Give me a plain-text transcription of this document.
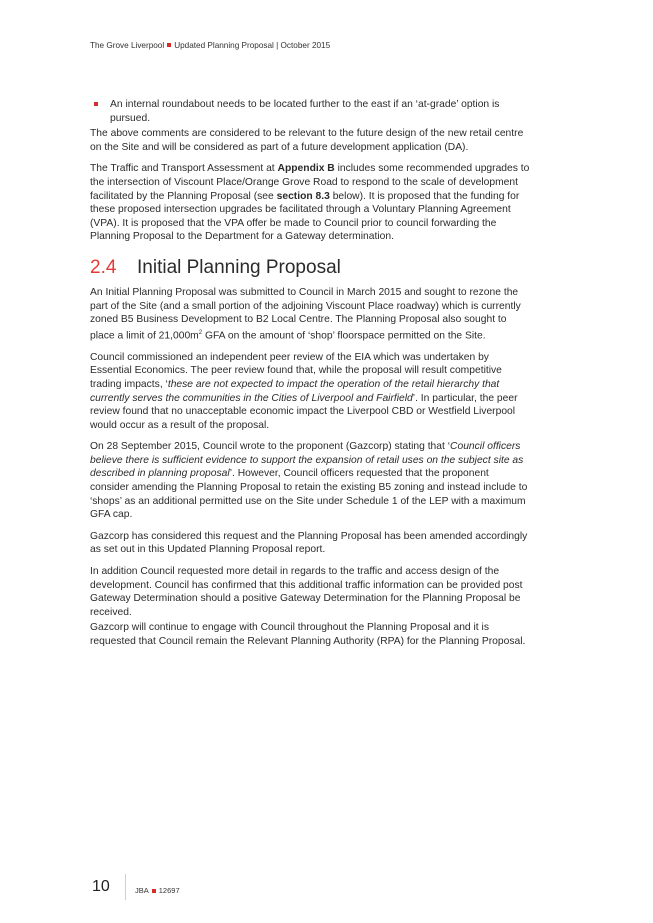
The Grove Liverpool Updated Planning Proposal | October 2015
An internal roundabout needs to be located further to the east if an ‘at-grade’ option is pursued.

The above comments are considered to be relevant to the future design of the new retail centre on the Site and will be considered as part of a future development application (DA).

The Traffic and Transport Assessment at Appendix B includes some recommended upgrades to the intersection of Viscount Place/Orange Grove Road to respond to the scale of development facilitated by the Planning Proposal (see section 8.3 below). It is proposed that the funding for these proposed intersection upgrades be facilitated through a Voluntary Planning Agreement (VPA). It is proposed that the VPA offer be made to Council prior to council forwarding the Planning Proposal to the Department for a Gateway determination.

2.4 Initial Planning Proposal

An Initial Planning Proposal was submitted to Council in March 2015 and sought to rezone the part of the Site (and a small portion of the adjoining Viscount Place roadway) which is currently zoned B5 Business Development to B2 Local Centre. The Planning Proposal also sought to place a limit of $21,000m^2$ GFA on the amount of ‘shop’ floorspace permitted on the Site.

Council commissioned an independent peer review of the EIA which was undertaken by Essential Economics. The peer review found that, while the proposal will result competitive trading impacts, ‘these are not expected to impact the operation of the retail hierarchy that currently serves the communities in the Cities of Liverpool and Fairfield’. In particular, the peer review found that no unacceptable economic impact the Liverpool CBD or Westfield Liverpool would occur as a result of the proposal.

On 28 September 2015, Council wrote to the proponent (Gazcorp) stating that ‘Council officers believe there is sufficient evidence to support the expansion of retail uses on the subject site as described in planning proposal’. However, Council officers requested that the proponent consider amending the Planning Proposal to retain the existing B5 zoning and instead include to ‘shops’ as an additional permitted use on the Site under Schedule 1 of the LEP with a maximum GFA cap.

Gazcorp has considered this request and the Planning Proposal has been amended accordingly as set out in this Updated Planning Proposal report.

In addition Council requested more detail in regards to the traffic and access design of the development. Council has confirmed that this additional traffic information can be provided post Gateway Determination should a positive Gateway Determination for the Planning Proposal be received.

Gazcorp will continue to engage with Council throughout the Planning Proposal and it is requested that Council remain the Relevant Planning Authority (RPA) for the Planning Proposal.

10	JBA 12697
